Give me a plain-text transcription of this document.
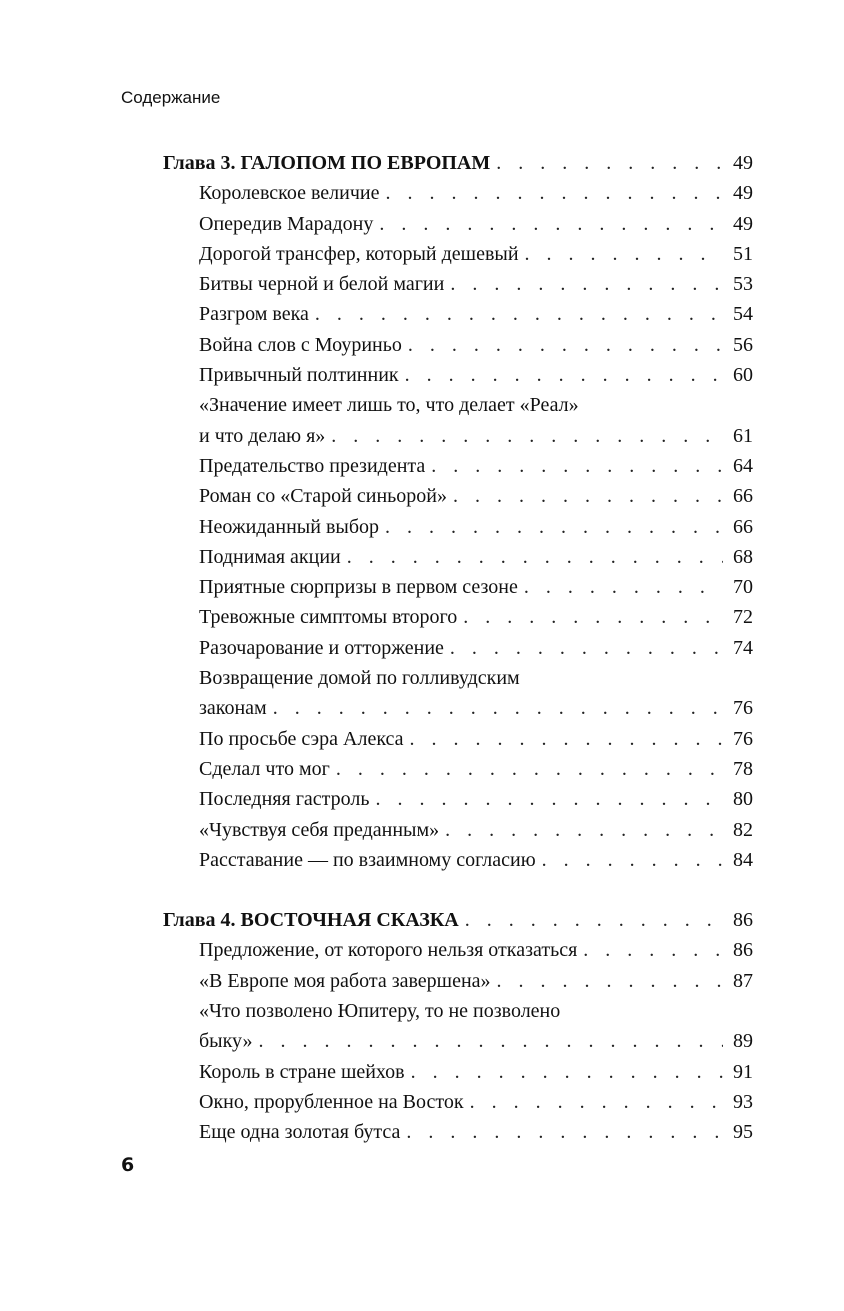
Содержание
Глава 3. ГАЛОПОМ ПО ЕВРОПАМ . . .	49
Королевское величие . . .	49
Опередив Марадону . . .	49
Дорогой трансфер, который дешевый . . .	51
Битвы черной и белой магии . . .	53
Разгром века . . .	54
Война слов с Моуриньо . . .	56
Привычный полтинник . . .	60
«Значение имеет лишь то, что делает «Реал»
и что делаю я» . . .	61
Предательство президента . . .	64
Роман со «Старой синьорой» . . .	66
Неожиданный выбор . . .	66
Поднимая акции . . .	68
Приятные сюрпризы в первом сезоне . . .	70
Тревожные симптомы второго . . .	72
Разочарование и отторжение . . .	74
Возвращение домой по голливудским
законам . . .	76
По просьбе сэра Алекса . . .	76
Сделал что мог . . .	78
Последняя гастроль . . .	80
«Чувствуя себя преданным» . . .	82
Расставание — по взаимному согласию . . .	84
Глава 4. ВОСТОЧНАЯ СКАЗКА . . .	86
Предложение, от которого нельзя отказаться . . .	86
«В Европе моя работа завершена» . . .	87
«Что позволено Юпитеру, то не позволено
быку» . . .	89
Король в стране шейхов . . .	91
Окно, прорубленное на Восток . . .	93
Еще одна золотая бутса . . .	95
6
